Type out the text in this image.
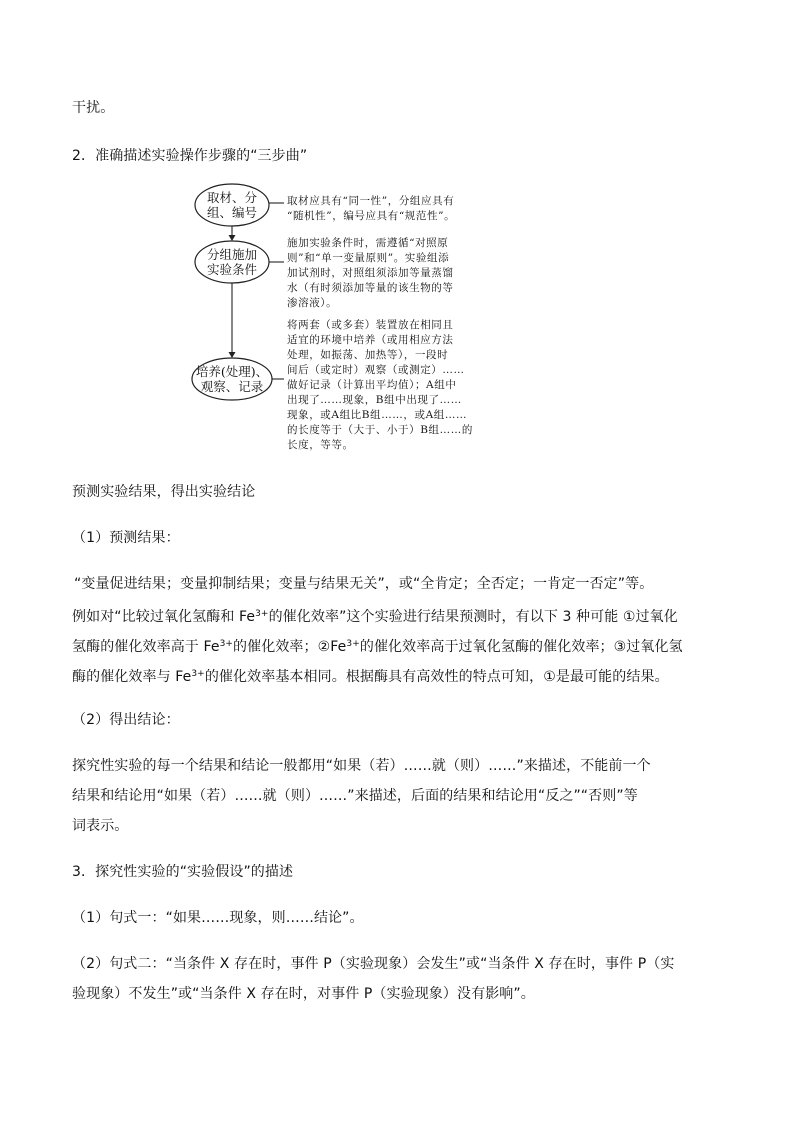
干扰。
2．准确描述实验操作步骤的“三步曲”
取材、分
组、编号
分组施加
实验条件
培养(处理)、
观察、记录
取材应具有“同一性”，分组应具有
“随机性”，编号应具有“规范性”。
施加实验条件时，需遵循“对照原
则”和“单一变量原则”。实验组添
加试剂时，对照组须添加等量蒸馏
水（有时须添加等量的该生物的等
渗溶液）。
将两套（或多套）装置放在相同且
适宜的环境中培养（或用相应方法
处理，如振荡、加热等），一段时
间后（或定时）观察（或测定）……
做好记录（计算出平均值）；A组中
出现了……现象，B组中出现了……
现象，或A组比B组……，或A组……
的长度等于（大于、小于）B组……的
长度，等等。
预测实验结果，得出实验结论
（1）预测结果：
“变量促进结果；变量抑制结果；变量与结果无关”，或“全肯定；全否定；一肯定一否定”等。
例如对“比较过氧化氢酶和 $Fe^{3+}$的催化效率”这个实验进行结果预测时，有以下 3 种可能 ①过氧化
氢酶的催化效率高于 $Fe^{3+}$的催化效率；$②Fe^{3+}$的催化效率高于过氧化氢酶的催化效率；③过氧化氢
酶的催化效率与 $Fe^{3+}$的催化效率基本相同。根据酶具有高效性的特点可知，①是最可能的结果。
（2）得出结论：
探究性实验的每一个结果和结论一般都用“如果（若）……就（则）……”来描述，不能前一个
结果和结论用“如果（若）……就（则）……”来描述，后面的结果和结论用“反之”“否则”等
词表示。
3．探究性实验的“实验假设”的描述
（1）句式一：“如果……现象，则……结论”。
（2）句式二：“当条件 X 存在时，事件 P（实验现象）会发生”或“当条件 X 存在时，事件 P（实
验现象）不发生”或“当条件 X 存在时，对事件 P（实验现象）没有影响”。
